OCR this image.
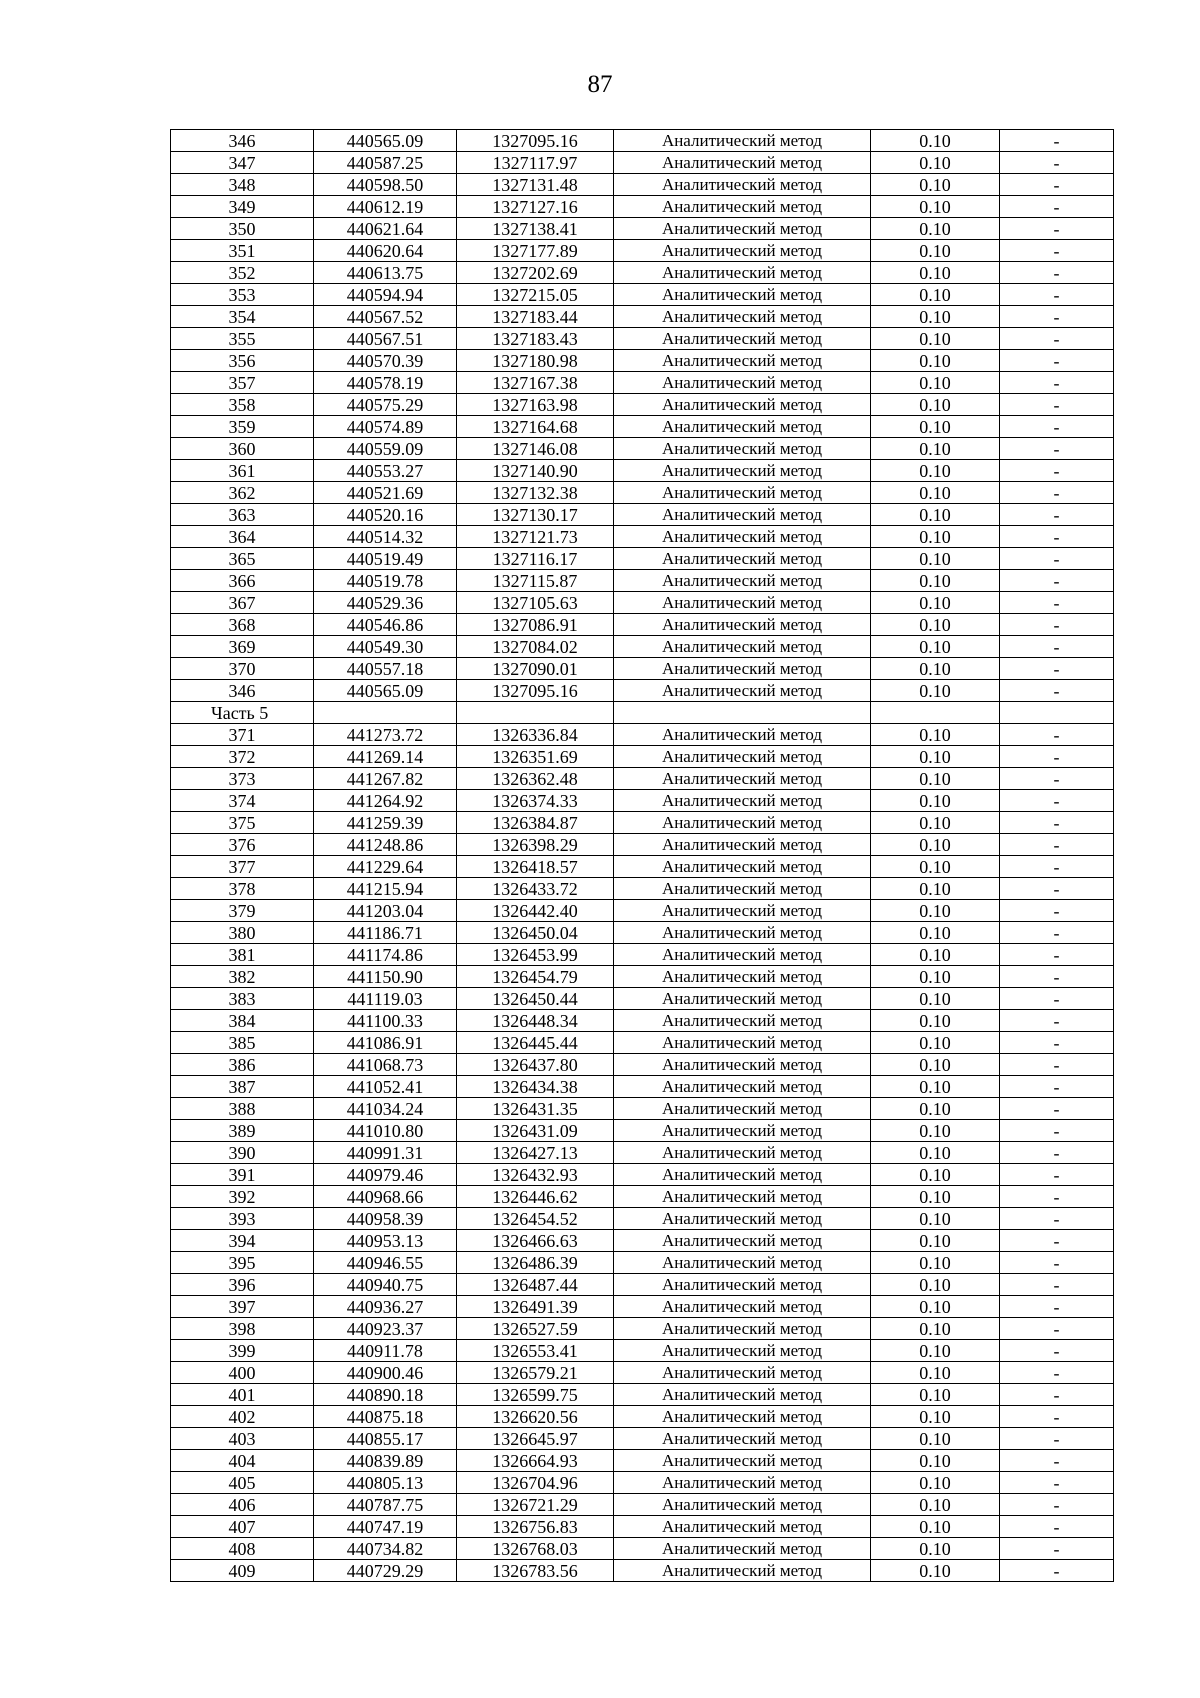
87
346	440565.09	1327095.16	Аналитический метод	0.10	-
347	440587.25	1327117.97	Аналитический метод	0.10	-
348	440598.50	1327131.48	Аналитический метод	0.10	-
349	440612.19	1327127.16	Аналитический метод	0.10	-
350	440621.64	1327138.41	Аналитический метод	0.10	-
351	440620.64	1327177.89	Аналитический метод	0.10	-
352	440613.75	1327202.69	Аналитический метод	0.10	-
353	440594.94	1327215.05	Аналитический метод	0.10	-
354	440567.52	1327183.44	Аналитический метод	0.10	-
355	440567.51	1327183.43	Аналитический метод	0.10	-
356	440570.39	1327180.98	Аналитический метод	0.10	-
357	440578.19	1327167.38	Аналитический метод	0.10	-
358	440575.29	1327163.98	Аналитический метод	0.10	-
359	440574.89	1327164.68	Аналитический метод	0.10	-
360	440559.09	1327146.08	Аналитический метод	0.10	-
361	440553.27	1327140.90	Аналитический метод	0.10	-
362	440521.69	1327132.38	Аналитический метод	0.10	-
363	440520.16	1327130.17	Аналитический метод	0.10	-
364	440514.32	1327121.73	Аналитический метод	0.10	-
365	440519.49	1327116.17	Аналитический метод	0.10	-
366	440519.78	1327115.87	Аналитический метод	0.10	-
367	440529.36	1327105.63	Аналитический метод	0.10	-
368	440546.86	1327086.91	Аналитический метод	0.10	-
369	440549.30	1327084.02	Аналитический метод	0.10	-
370	440557.18	1327090.01	Аналитический метод	0.10	-
346	440565.09	1327095.16	Аналитический метод	0.10	-
Часть 5					
371	441273.72	1326336.84	Аналитический метод	0.10	-
372	441269.14	1326351.69	Аналитический метод	0.10	-
373	441267.82	1326362.48	Аналитический метод	0.10	-
374	441264.92	1326374.33	Аналитический метод	0.10	-
375	441259.39	1326384.87	Аналитический метод	0.10	-
376	441248.86	1326398.29	Аналитический метод	0.10	-
377	441229.64	1326418.57	Аналитический метод	0.10	-
378	441215.94	1326433.72	Аналитический метод	0.10	-
379	441203.04	1326442.40	Аналитический метод	0.10	-
380	441186.71	1326450.04	Аналитический метод	0.10	-
381	441174.86	1326453.99	Аналитический метод	0.10	-
382	441150.90	1326454.79	Аналитический метод	0.10	-
383	441119.03	1326450.44	Аналитический метод	0.10	-
384	441100.33	1326448.34	Аналитический метод	0.10	-
385	441086.91	1326445.44	Аналитический метод	0.10	-
386	441068.73	1326437.80	Аналитический метод	0.10	-
387	441052.41	1326434.38	Аналитический метод	0.10	-
388	441034.24	1326431.35	Аналитический метод	0.10	-
389	441010.80	1326431.09	Аналитический метод	0.10	-
390	440991.31	1326427.13	Аналитический метод	0.10	-
391	440979.46	1326432.93	Аналитический метод	0.10	-
392	440968.66	1326446.62	Аналитический метод	0.10	-
393	440958.39	1326454.52	Аналитический метод	0.10	-
394	440953.13	1326466.63	Аналитический метод	0.10	-
395	440946.55	1326486.39	Аналитический метод	0.10	-
396	440940.75	1326487.44	Аналитический метод	0.10	-
397	440936.27	1326491.39	Аналитический метод	0.10	-
398	440923.37	1326527.59	Аналитический метод	0.10	-
399	440911.78	1326553.41	Аналитический метод	0.10	-
400	440900.46	1326579.21	Аналитический метод	0.10	-
401	440890.18	1326599.75	Аналитический метод	0.10	-
402	440875.18	1326620.56	Аналитический метод	0.10	-
403	440855.17	1326645.97	Аналитический метод	0.10	-
404	440839.89	1326664.93	Аналитический метод	0.10	-
405	440805.13	1326704.96	Аналитический метод	0.10	-
406	440787.75	1326721.29	Аналитический метод	0.10	-
407	440747.19	1326756.83	Аналитический метод	0.10	-
408	440734.82	1326768.03	Аналитический метод	0.10	-
409	440729.29	1326783.56	Аналитический метод	0.10	-
